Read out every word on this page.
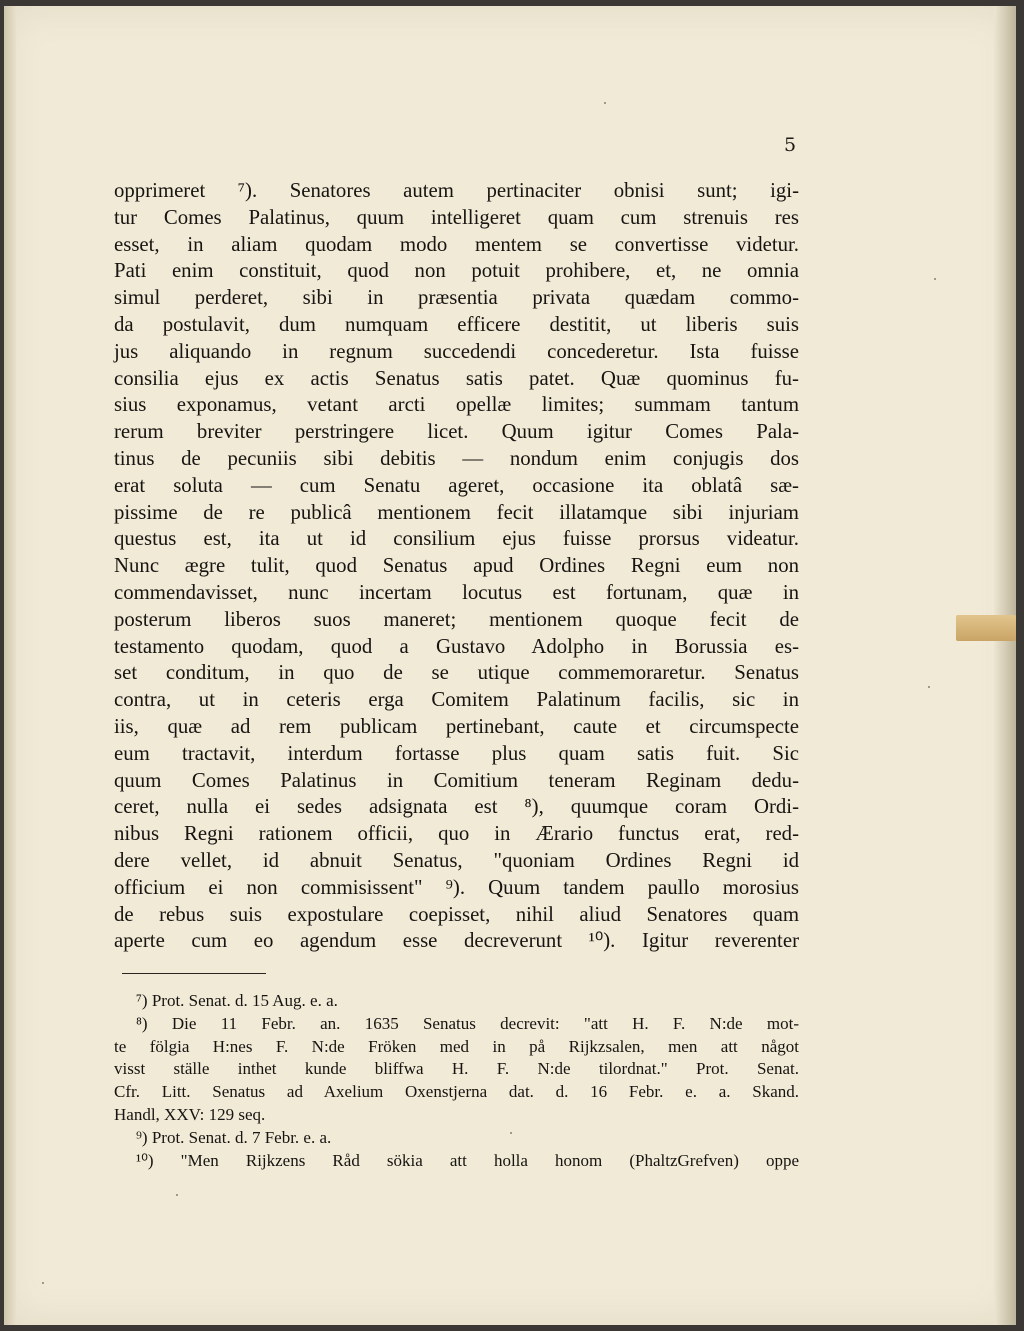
5
opprimeret ⁷). Senatores autem pertinaciter obnisi sunt; igi-
tur Comes Palatinus, quum intelligeret quam cum strenuis res
esset, in aliam quodam modo mentem se convertisse videtur.
Pati enim constituit, quod non potuit prohibere, et, ne omnia
simul perderet, sibi in præsentia privata quædam commo-
da postulavit, dum numquam efficere destitit, ut liberis suis
jus aliquando in regnum succedendi concederetur. Ista fuisse
consilia ejus ex actis Senatus satis patet. Quæ quominus fu-
sius exponamus, vetant arcti opellæ limites; summam tantum
rerum breviter perstringere licet. Quum igitur Comes Pala-
tinus de pecuniis sibi debitis — nondum enim conjugis dos
erat soluta — cum Senatu ageret, occasione ita oblatâ sæ-
pissime de re publicâ mentionem fecit illatamque sibi injuriam
questus est, ita ut id consilium ejus fuisse prorsus videatur.
Nunc ægre tulit, quod Senatus apud Ordines Regni eum non
commendavisset, nunc incertam locutus est fortunam, quæ in
posterum liberos suos maneret; mentionem quoque fecit de
testamento quodam, quod a Gustavo Adolpho in Borussia es-
set conditum, in quo de se utique commemoraretur. Senatus
contra, ut in ceteris erga Comitem Palatinum facilis, sic in
iis, quæ ad rem publicam pertinebant, caute et circumspecte
eum tractavit, interdum fortasse plus quam satis fuit. Sic
quum Comes Palatinus in Comitium teneram Reginam dedu-
ceret, nulla ei sedes adsignata est ⁸), quumque coram Ordi-
nibus Regni rationem officii, quo in Ærario functus erat, red-
dere vellet, id abnuit Senatus, "quoniam Ordines Regni id
officium ei non commisissent" ⁹). Quum tandem paullo morosius
de rebus suis expostulare coepisset, nihil aliud Senatores quam
aperte cum eo agendum esse decreverunt ¹⁰). Igitur reverenter
⁷) Prot. Senat. d. 15 Aug. e. a.
⁸) Die 11 Febr. an. 1635 Senatus decrevit: "att H. F. N:de mot-
te fölgia H:nes F. N:de Fröken med in på Rijkzsalen, men att något
visst ställe inthet kunde bliffwa H. F. N:de tilordnat." Prot. Senat.
Cfr. Litt. Senatus ad Axelium Oxenstjerna dat. d. 16 Febr. e. a. Skand.
Handl, XXV: 129 seq.
⁹) Prot. Senat. d. 7 Febr. e. a.
¹⁰) "Men Rijkzens Råd sökia att holla honom (PhaltzGrefven) oppe
